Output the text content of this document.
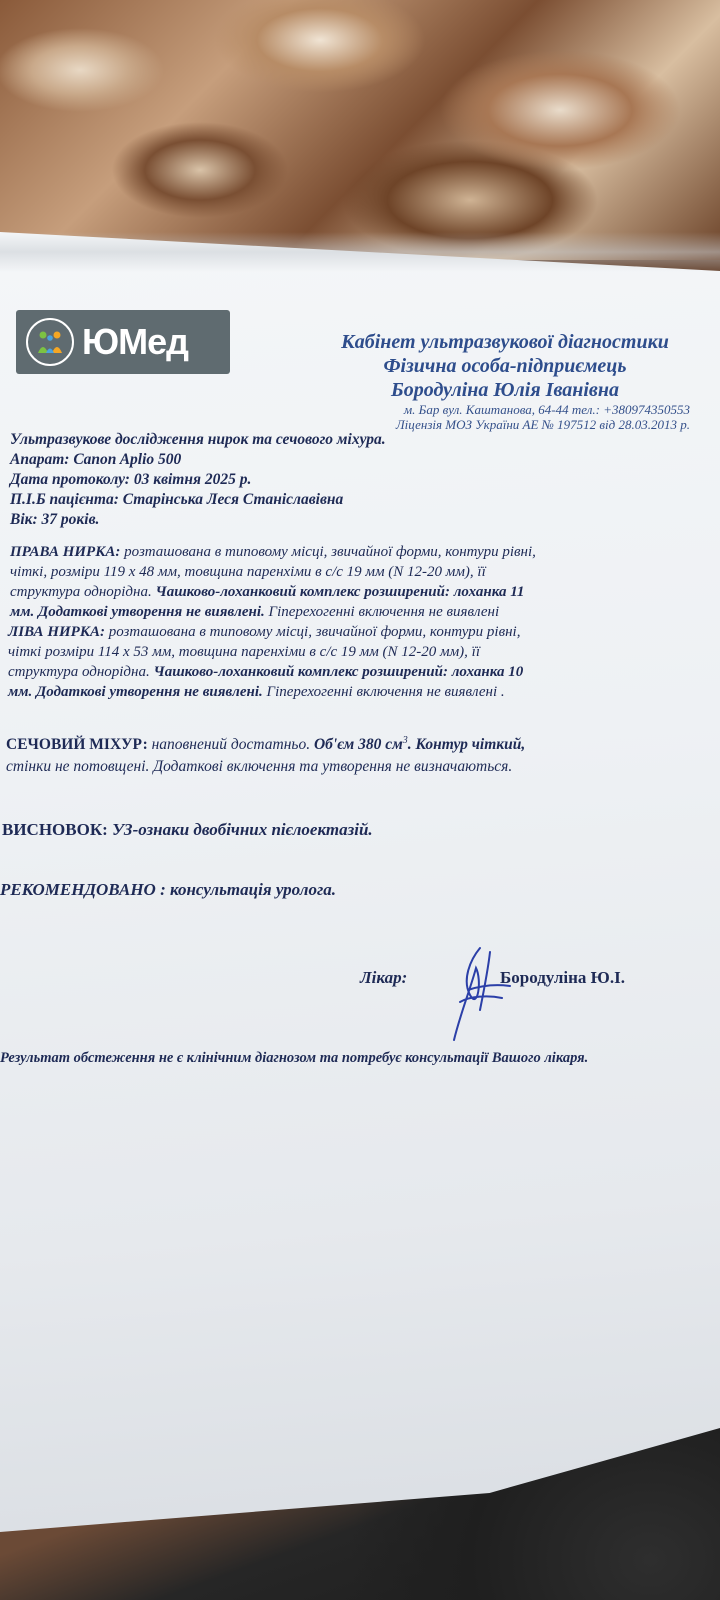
ЮМед	Кабінет ультразвукової діагностики
Фізична особа-підприємець
Бородуліна Юлія Іванівна
м. Бар вул. Каштанова, 64-44 тел.: +380974350553
Ліцензія МОЗ України АЕ № 197512 від 28.03.2013 р.
Ультразвукове дослідження нирок та сечового міхура.
Апарат: Canon Aplio 500
Дата протоколу: 03 квітня 2025 р.
П.І.Б пацієнта: Старінська Леся Станіславівна
Вік: 37 років.
ПРАВА НИРКА: розташована в типовому місці, звичайної форми, контури рівні,
чіткі, розміри 119 x 48 мм, товщина паренхіми в с/с 19 мм (N 12-20 мм), її
структура однорідна. Чашково-лоханковий комплекс розширений: лоханка 11
мм. Додаткові утворення не виявлені. Гіперехогенні включення не виявлені
ЛІВА НИРКА: розташована в типовому місці, звичайної форми, контури рівні,
чіткі розміри 114 x 53 мм, товщина паренхіми в с/с 19 мм (N 12-20 мм), її
структура однорідна. Чашково-лоханковий комплекс розширений: лоханка 10
мм. Додаткові утворення не виявлені. Гіперехогенні включення не виявлені .
СЕЧОВИЙ МІХУР: наповнений достатньо. Об'єм 380 $см^3$. Контур чіткий,
стінки не потовщені. Додаткові включення та утворення не визначаються.
ВИСНОВОК: УЗ-ознаки двобічних пієлоектазій.
РЕКОМЕНДОВАНО : консультація уролога.
Лікар:	Бородуліна Ю.І.
Результат обстеження не є клінічним діагнозом та потребує консультації Вашого лікаря.
